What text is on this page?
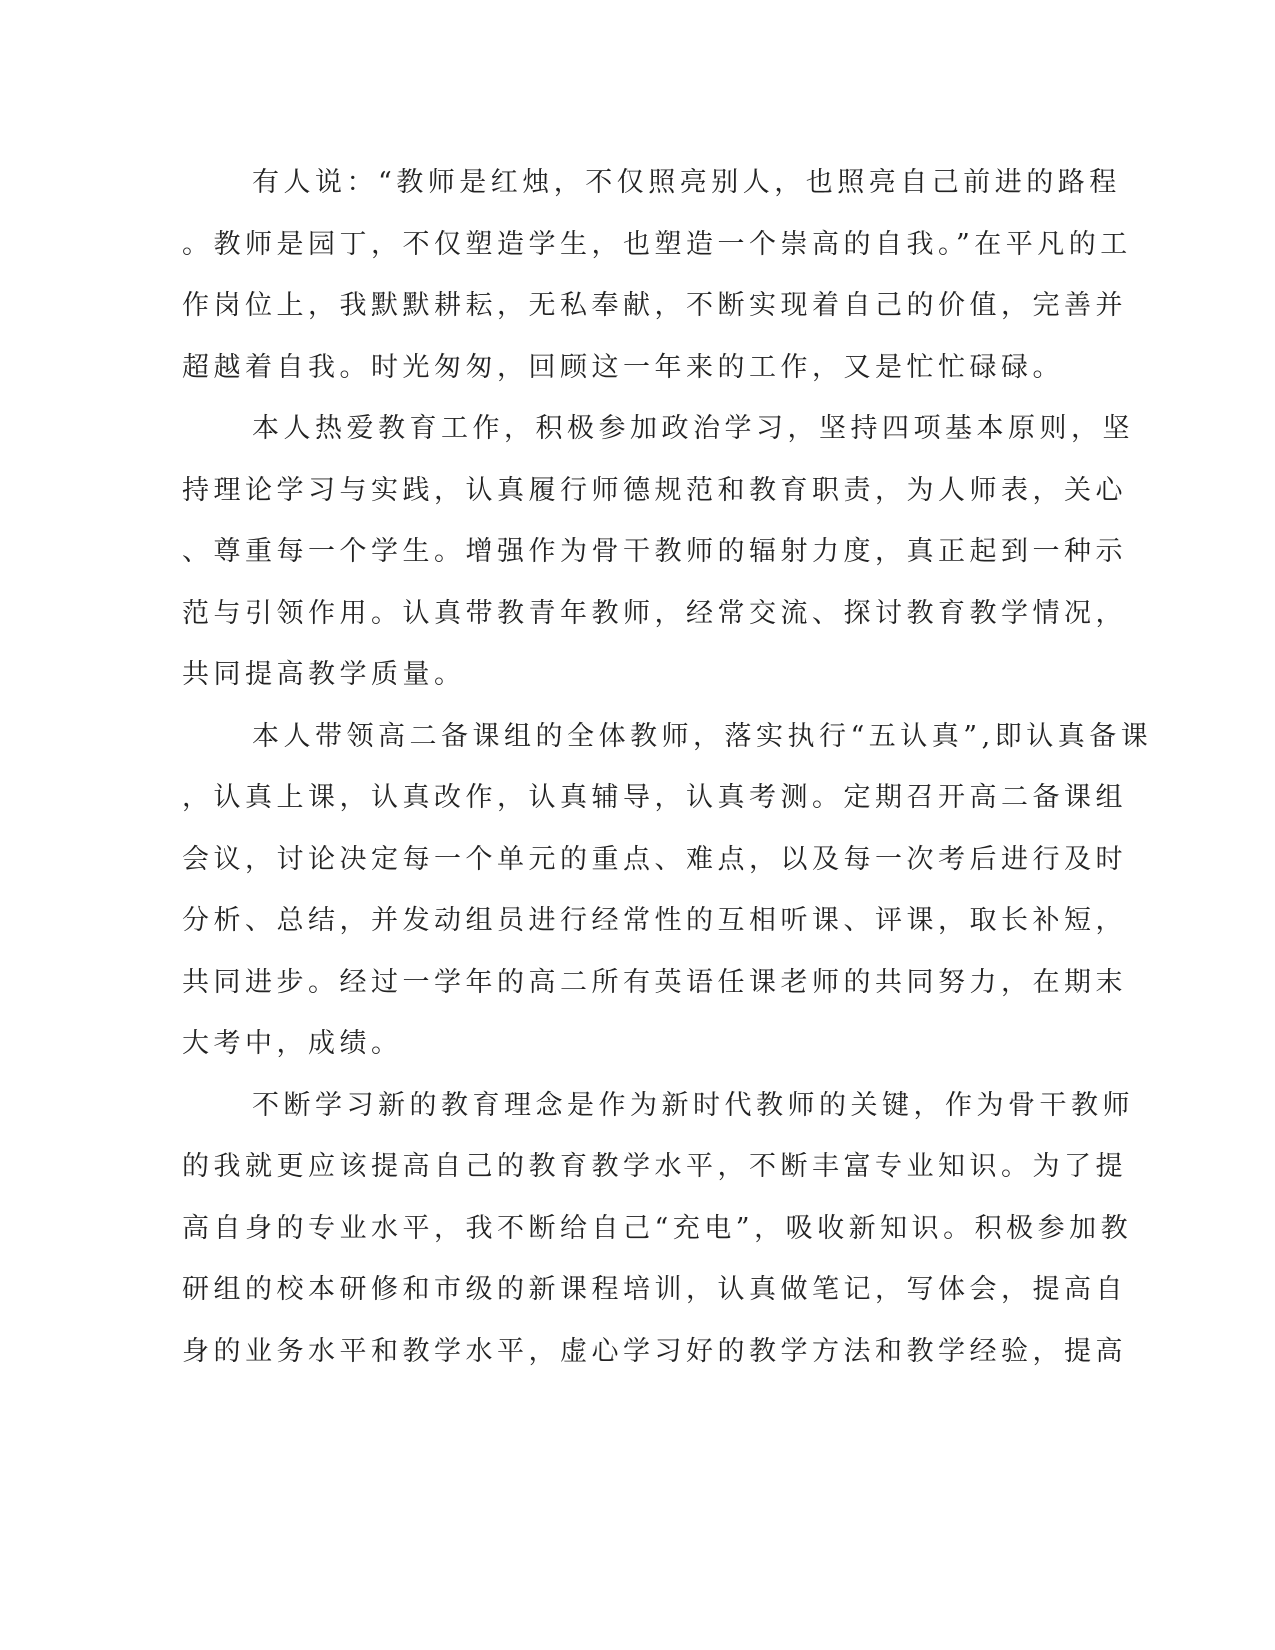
有人说：“教师是红烛，不仅照亮别人，也照亮自己前进的路程
。教师是园丁，不仅塑造学生，也塑造一个崇高的自我。”在平凡的工
作岗位上，我默默耕耘，无私奉献，不断实现着自己的价值，完善并
超越着自我。时光匆匆，回顾这一年来的工作，又是忙忙碌碌。
本人热爱教育工作，积极参加政治学习，坚持四项基本原则，坚
持理论学习与实践，认真履行师德规范和教育职责，为人师表，关心
、尊重每一个学生。增强作为骨干教师的辐射力度，真正起到一种示
范与引领作用。认真带教青年教师，经常交流、探讨教育教学情况，
共同提高教学质量。
本人带领高二备课组的全体教师，落实执行“五认真”,即认真备课
，认真上课，认真改作，认真辅导，认真考测。定期召开高二备课组
会议，讨论决定每一个单元的重点、难点，以及每一次考后进行及时
分析、总结，并发动组员进行经常性的互相听课、评课，取长补短，
共同进步。经过一学年的高二所有英语任课老师的共同努力，在期末
大考中，成绩。
不断学习新的教育理念是作为新时代教师的关键，作为骨干教师
的我就更应该提高自己的教育教学水平，不断丰富专业知识。为了提
高自身的专业水平，我不断给自己“充电”，吸收新知识。积极参加教
研组的校本研修和市级的新课程培训，认真做笔记，写体会，提高自
身的业务水平和教学水平，虚心学习好的教学方法和教学经验，提高
